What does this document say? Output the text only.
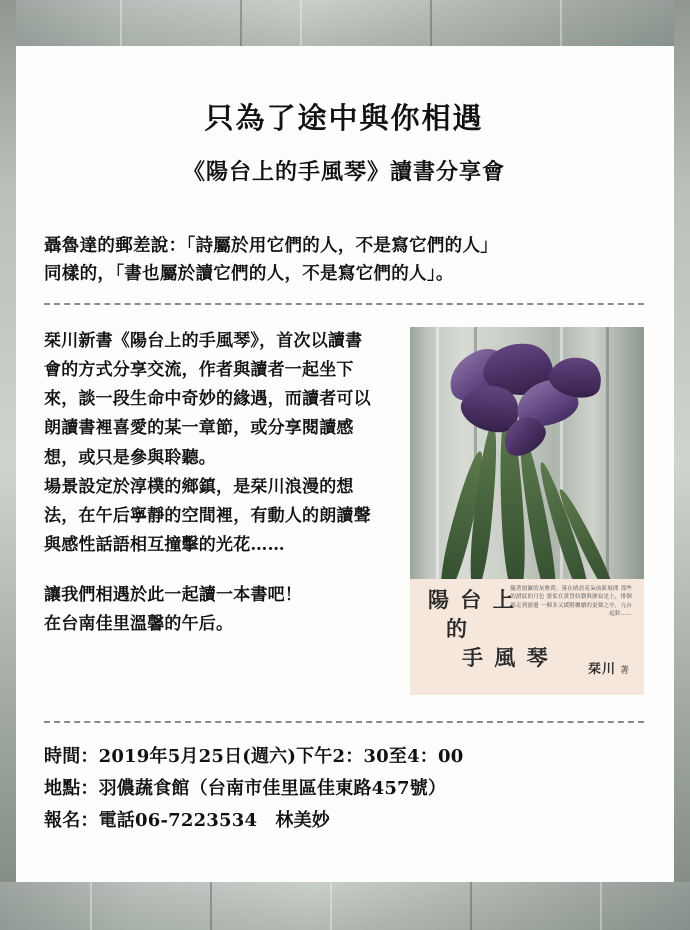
只為了途中與你相遇
《陽台上的手風琴》讀書分享會
聶魯達的郵差說：「詩屬於用它們的人，不是寫它們的人」
同樣的，「書也屬於讀它們的人，不是寫它們的人」。

栞川新書《陽台上的手風琴》，首次以讀書會的方式分享交流，作者與讀者一起坐下來，談一段生命中奇妙的緣遇，而讀者可以朗讀書裡喜愛的某一章節，或分享閱讀感想，或只是參與聆聽。

場景設定於淳樸的鄉鎮，是栞川浪漫的想法，在午后寧靜的空間裡，有動人的朗讀聲與感性話語相互撞擊的光花……

讓我們相遇於此一起讀一本書吧！

在台南佳里溫馨的午后。

陽 台 上
的
手 風 琴
隨著窗簾的灰塵荷，落在晴晨花朵前新展開 那些的譜紋的月色 婆娑在黃昏妨翳與靜寂是上，徘徊彫走到窗邊 一陣多又緩階纏續的更聲之中，亢台起鈴……
栞川 著

時間：2019年5月25日(週六)下午2：30至4：00

地點：羽儂蔬食館（台南市佳里區佳東路457號）

報名：電話06-7223534　林美妙
